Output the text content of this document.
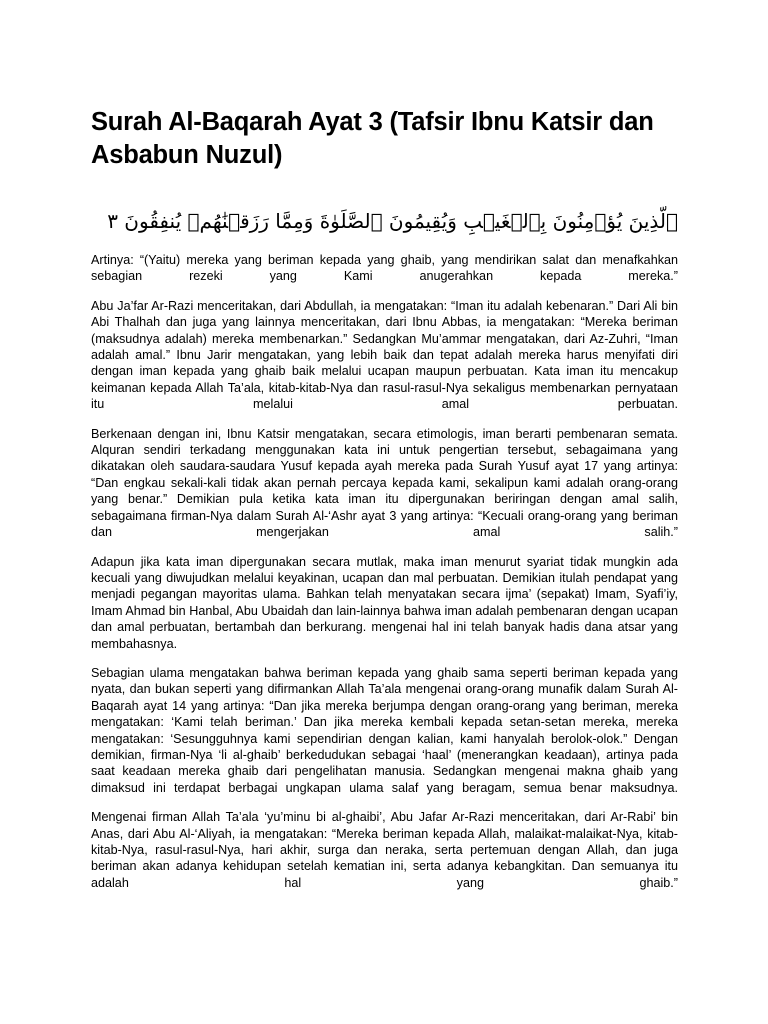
Surah Al-Baqarah Ayat 3 (Tafsir Ibnu Katsir dan Asbabun Nuzul)
ٱلَّذِينَ يُؤۡمِنُونَ بِٱلۡغَيۡبِ وَيُقِيمُونَ ٱلصَّلَوٰةَ وَمِمَّا رَزَقۡنَٰهُمۡ يُنفِقُونَ ٣

Artinya: “(Yaitu) mereka yang beriman kepada yang ghaib, yang mendirikan salat dan menafkahkan sebagian rezeki yang Kami anugerahkan kepada mereka.”

Abu Ja’far Ar-Razi menceritakan, dari Abdullah, ia mengatakan: “Iman itu adalah kebenaran.” Dari Ali bin Abi Thalhah dan juga yang lainnya menceritakan, dari Ibnu Abbas, ia mengatakan: “Mereka beriman (maksudnya adalah) mereka membenarkan.” Sedangkan Mu’ammar mengatakan, dari Az-Zuhri, “Iman adalah amal.” Ibnu Jarir mengatakan, yang lebih baik dan tepat adalah mereka harus menyifati diri dengan iman kepada yang ghaib baik melalui ucapan maupun perbuatan. Kata iman itu mencakup keimanan kepada Allah Ta’ala, kitab-kitab-Nya dan rasul-rasul-Nya sekaligus membenarkan pernyataan itu melalui amal perbuatan.

Berkenaan dengan ini, Ibnu Katsir mengatakan, secara etimologis, iman berarti pembenaran semata. Alquran sendiri terkadang menggunakan kata ini untuk pengertian tersebut, sebagaimana yang dikatakan oleh saudara-saudara Yusuf kepada ayah mereka pada Surah Yusuf ayat 17 yang artinya: “Dan engkau sekali-kali tidak akan pernah percaya kepada kami, sekalipun kami adalah orang-orang yang benar.” Demikian pula ketika kata iman itu dipergunakan beriringan dengan amal salih, sebagaimana firman-Nya dalam Surah Al-‘Ashr ayat 3 yang artinya: “Kecuali orang-orang yang beriman dan mengerjakan amal salih.”

Adapun jika kata iman dipergunakan secara mutlak, maka iman menurut syariat tidak mungkin ada kecuali yang diwujudkan melalui keyakinan, ucapan dan mal perbuatan. Demikian itulah pendapat yang menjadi pegangan mayoritas ulama. Bahkan telah menyatakan secara ijma’ (sepakat) Imam, Syafi’iy, Imam Ahmad bin Hanbal, Abu Ubaidah dan lain-lainnya bahwa iman adalah pembenaran dengan ucapan dan amal perbuatan, bertambah dan berkurang. mengenai hal ini telah banyak hadis dana atsar yang membahasnya.

Sebagian ulama mengatakan bahwa beriman kepada yang ghaib sama seperti beriman kepada yang nyata, dan bukan seperti yang difirmankan Allah Ta’ala mengenai orang-orang munafik dalam Surah Al-Baqarah ayat 14 yang artinya: “Dan jika mereka berjumpa dengan orang-orang yang beriman, mereka mengatakan: ‘Kami telah beriman.’ Dan jika mereka kembali kepada setan-setan mereka, mereka mengatakan: ‘Sesungguhnya kami sependirian dengan kalian, kami hanyalah berolok-olok.” Dengan demikian, firman-Nya ‘li al-ghaib’ berkedudukan sebagai ‘haal’ (menerangkan keadaan), artinya pada saat keadaan mereka ghaib dari pengelihatan manusia. Sedangkan mengenai makna ghaib yang dimaksud ini terdapat berbagai ungkapan ulama salaf yang beragam, semua benar maksudnya.

Mengenai firman Allah Ta’ala ‘yu’minu bi al-ghaibi’, Abu Jafar Ar-Razi menceritakan, dari Ar-Rabi’ bin Anas, dari Abu Al-‘Aliyah, ia mengatakan: “Mereka beriman kepada Allah, malaikat-malaikat-Nya, kitab-kitab-Nya, rasul-rasul-Nya, hari akhir, surga dan neraka, serta pertemuan dengan Allah, dan juga beriman akan adanya kehidupan setelah kematian ini, serta adanya kebangkitan. Dan semuanya itu adalah hal yang ghaib.”
